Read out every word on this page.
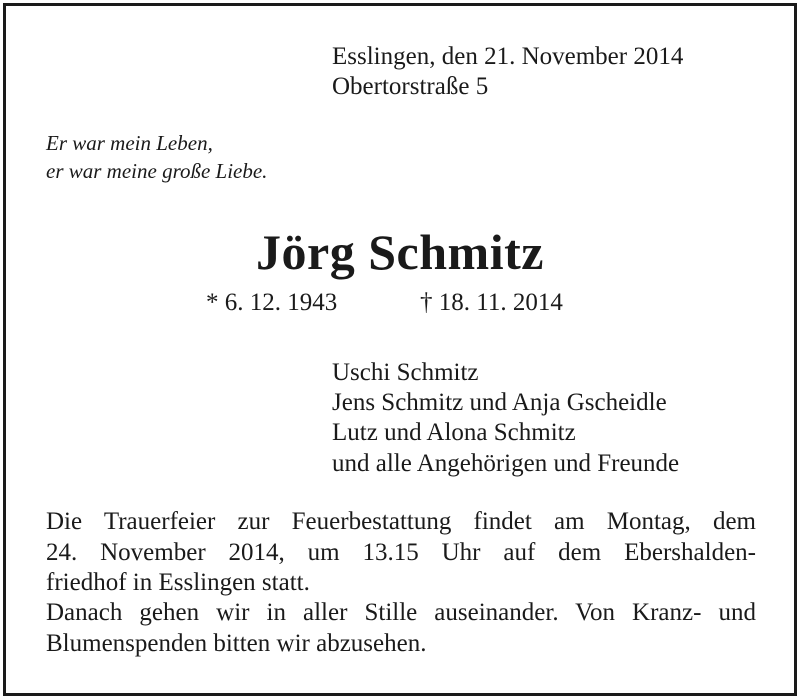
Esslingen, den 21. November 2014
Obertorstraße 5
Er war mein Leben,
er war meine große Liebe.
Jörg Schmitz
* 6. 12. 1943	† 18. 11. 2014
Uschi Schmitz
Jens Schmitz und Anja Gscheidle
Lutz und Alona Schmitz
und alle Angehörigen und Freunde
Die Trauerfeier zur Feuerbestattung findet am Montag, dem
24. November 2014, um 13.15 Uhr auf dem Ebershalden-
friedhof in Esslingen statt.
Danach gehen wir in aller Stille auseinander. Von Kranz- und
Blumenspenden bitten wir abzusehen.
